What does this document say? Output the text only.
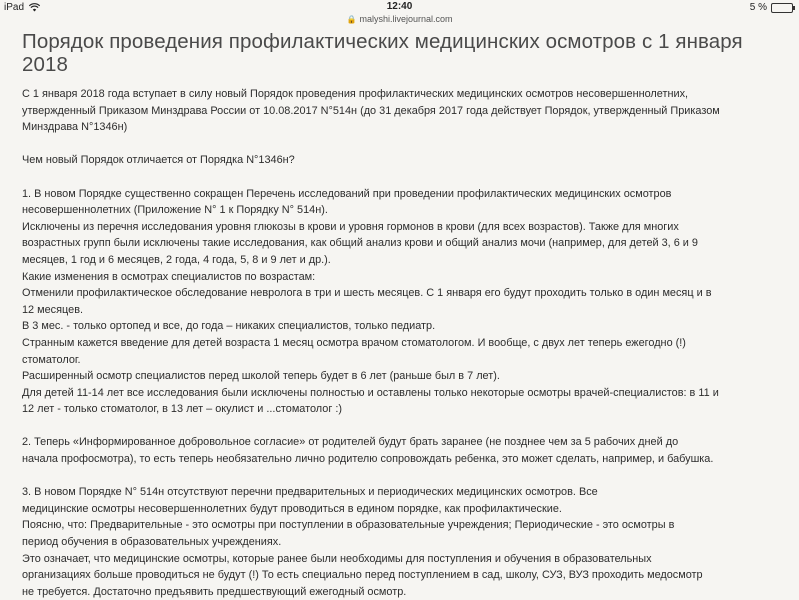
iPad	12:40	5 %
🔒 malyshi.livejournal.com
Порядок проведения профилактических медицинских осмотров с 1 января 2018

С 1 января 2018 года вступает в силу новый Порядок проведения профилактических медицинских осмотров несовершеннолетних,

утвержденный Приказом Минздрава России от 10.08.2017 N°514н (до 31 декабря 2017 года действует Порядок, утвержденный Приказом

Минздрава N°1346н)

Чем новый Порядок отличается от Порядка N°1346н?

1. В новом Порядке существенно сокращен Перечень исследований при проведении профилактических медицинских осмотров

несовершеннолетних (Приложение N° 1 к Порядку N° 514н).

Исключены из перечня исследования уровня глюкозы в крови и уровня гормонов в крови (для всех возрастов). Также для многих

возрастных групп были исключены такие исследования, как общий анализ крови и общий анализ мочи (например, для детей 3, 6 и 9

месяцев, 1 год и 6 месяцев, 2 года, 4 года, 5, 8 и 9 лет и др.).

Какие изменения в осмотрах специалистов по возрастам:

Отменили профилактическое обследование невролога в три и шесть месяцев. С 1 января его будут проходить только в один месяц и в

12 месяцев.

В 3 мес. - только ортопед и все, до года – никаких специалистов, только педиатр.

Странным кажется введение для детей возраста 1 месяц осмотра врачом стоматологом. И вообще, с двух лет теперь ежегодно (!)

стоматолог.

Расширенный осмотр специалистов перед школой теперь будет в 6 лет (раньше был в 7 лет).

Для детей 11-14 лет все исследования были исключены полностью и оставлены только некоторые осмотры врачей-специалистов: в 11 и

12 лет - только стоматолог, в 13 лет – окулист и ...стоматолог :)

2. Теперь «Информированное добровольное согласие» от родителей будут брать заранее (не позднее чем за 5 рабочих дней до

начала профосмотра), то есть теперь необязательно лично родителю сопровождать ребенка, это может сделать, например, и бабушка.

3. В новом Порядке N° 514н отсутствуют перечни предварительных и периодических медицинских осмотров. Все

медицинские осмотры несовершеннолетних будут проводиться в едином порядке, как профилактические.

Поясню, что: Предварительные - это осмотры при поступлении в образовательные учреждения; Периодические - это осмотры в

период обучения в образовательных учреждениях.

Это означает, что медицинские осмотры, которые ранее были необходимы для поступления и обучения в образовательных

организациях больше проводиться не будут (!) То есть специально перед поступлением в сад, школу, СУЗ, ВУЗ проходить медосмотр

не требуется. Достаточно предъявить предшествующий ежегодный осмотр.
